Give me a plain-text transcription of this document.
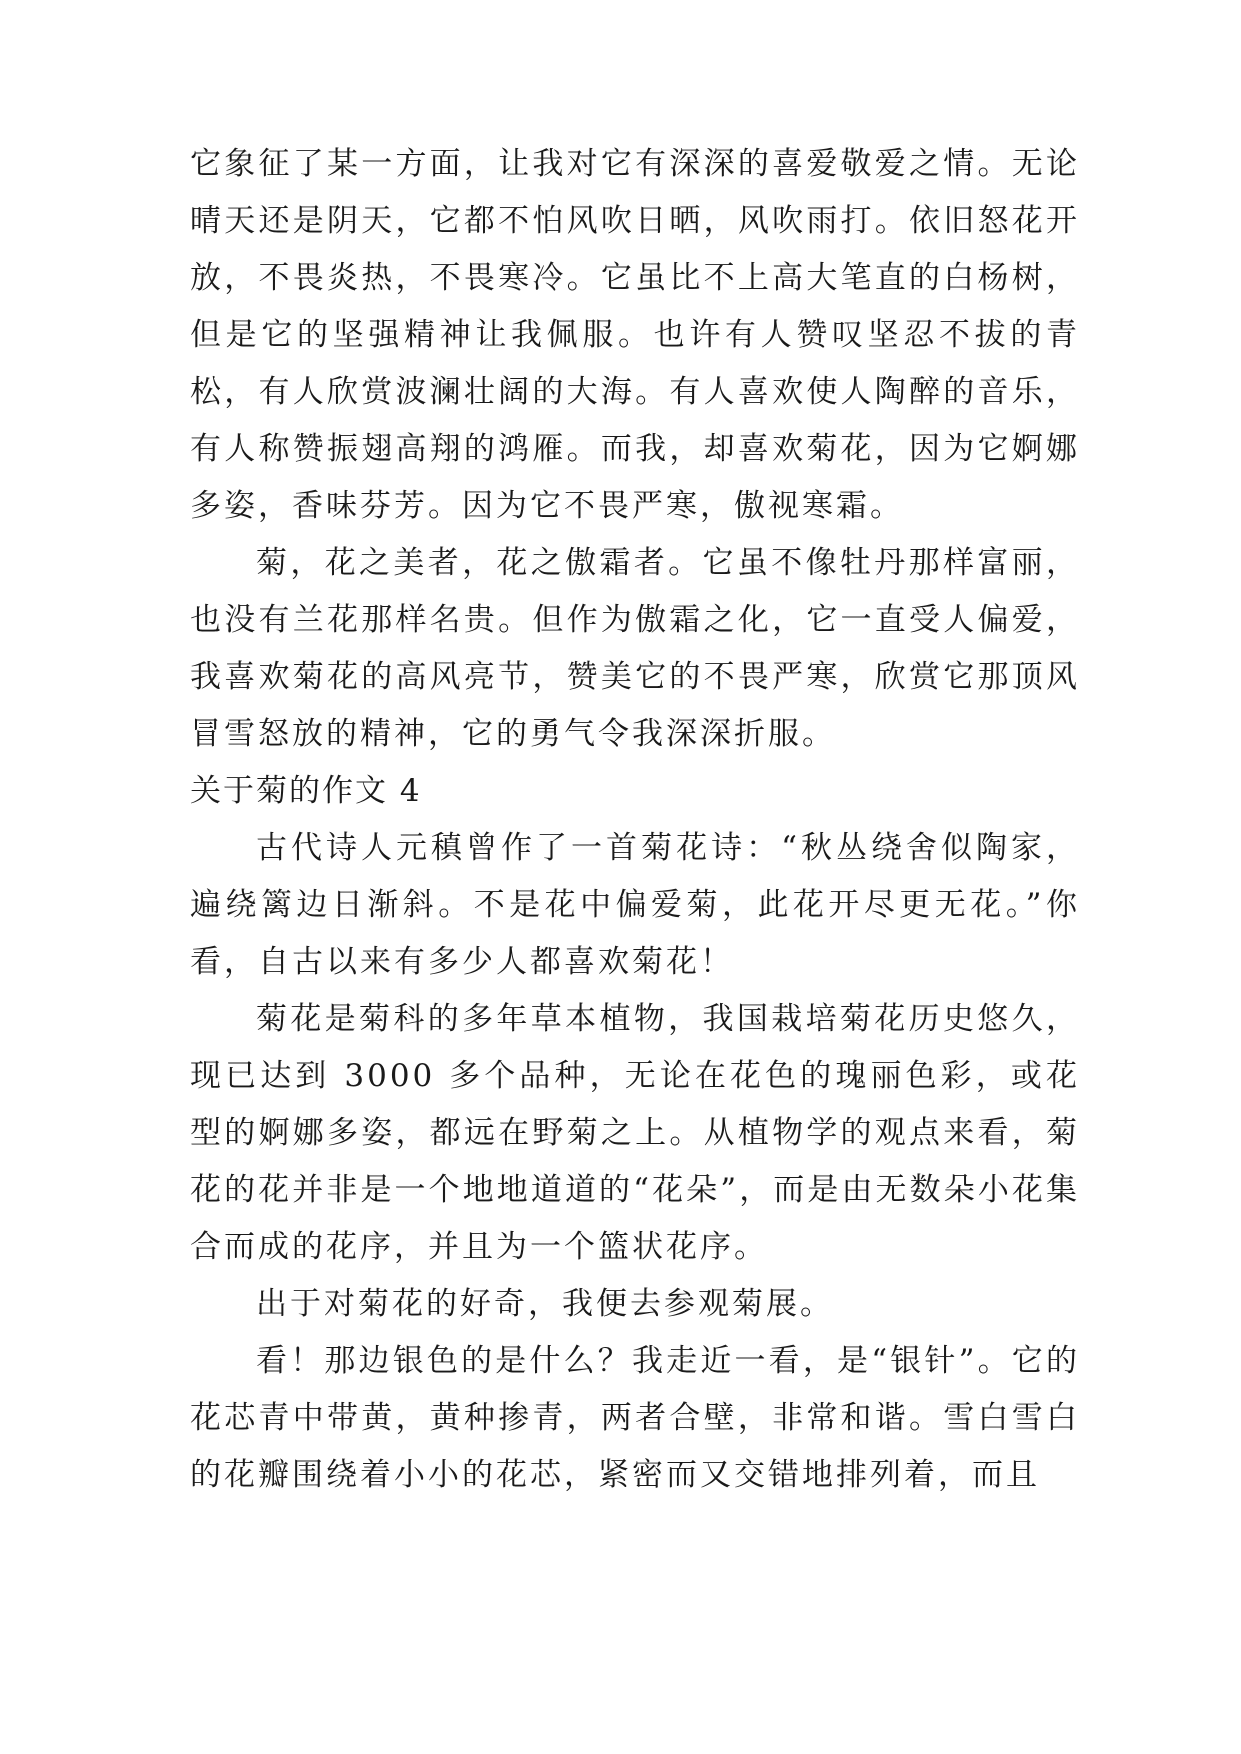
它象征了某一方面，让我对它有深深的喜爱敬爱之情。无论晴天还是阴天，它都不怕风吹日晒，风吹雨打。依旧怒花开放，不畏炎热，不畏寒冷。它虽比不上高大笔直的白杨树，但是它的坚强精神让我佩服。也许有人赞叹坚忍不拔的青松，有人欣赏波澜壮阔的大海。有人喜欢使人陶醉的音乐，有人称赞振翅高翔的鸿雁。而我，却喜欢菊花，因为它婀娜多姿，香味芬芳。因为它不畏严寒，傲视寒霜。

菊，花之美者，花之傲霜者。它虽不像牡丹那样富丽，也没有兰花那样名贵。但作为傲霜之化，它一直受人偏爱，我喜欢菊花的高风亮节，赞美它的不畏严寒，欣赏它那顶风冒雪怒放的精神，它的勇气令我深深折服。

关于菊的作文 4

古代诗人元稹曾作了一首菊花诗：“秋丛绕舍似陶家，遍绕篱边日渐斜。不是花中偏爱菊，此花开尽更无花。”你看，自古以来有多少人都喜欢菊花！

菊花是菊科的多年草本植物，我国栽培菊花历史悠久，现已达到 3000 多个品种，无论在花色的瑰丽色彩，或花型的婀娜多姿，都远在野菊之上。从植物学的观点来看，菊花的花并非是一个地地道道的“花朵”，而是由无数朵小花集合而成的花序，并且为一个篮状花序。

出于对菊花的好奇，我便去参观菊展。

看！那边银色的是什么？我走近一看，是“银针”。它的花芯青中带黄，黄种掺青，两者合壁，非常和谐。雪白雪白的花瓣围绕着小小的花芯，紧密而又交错地排列着，而且
